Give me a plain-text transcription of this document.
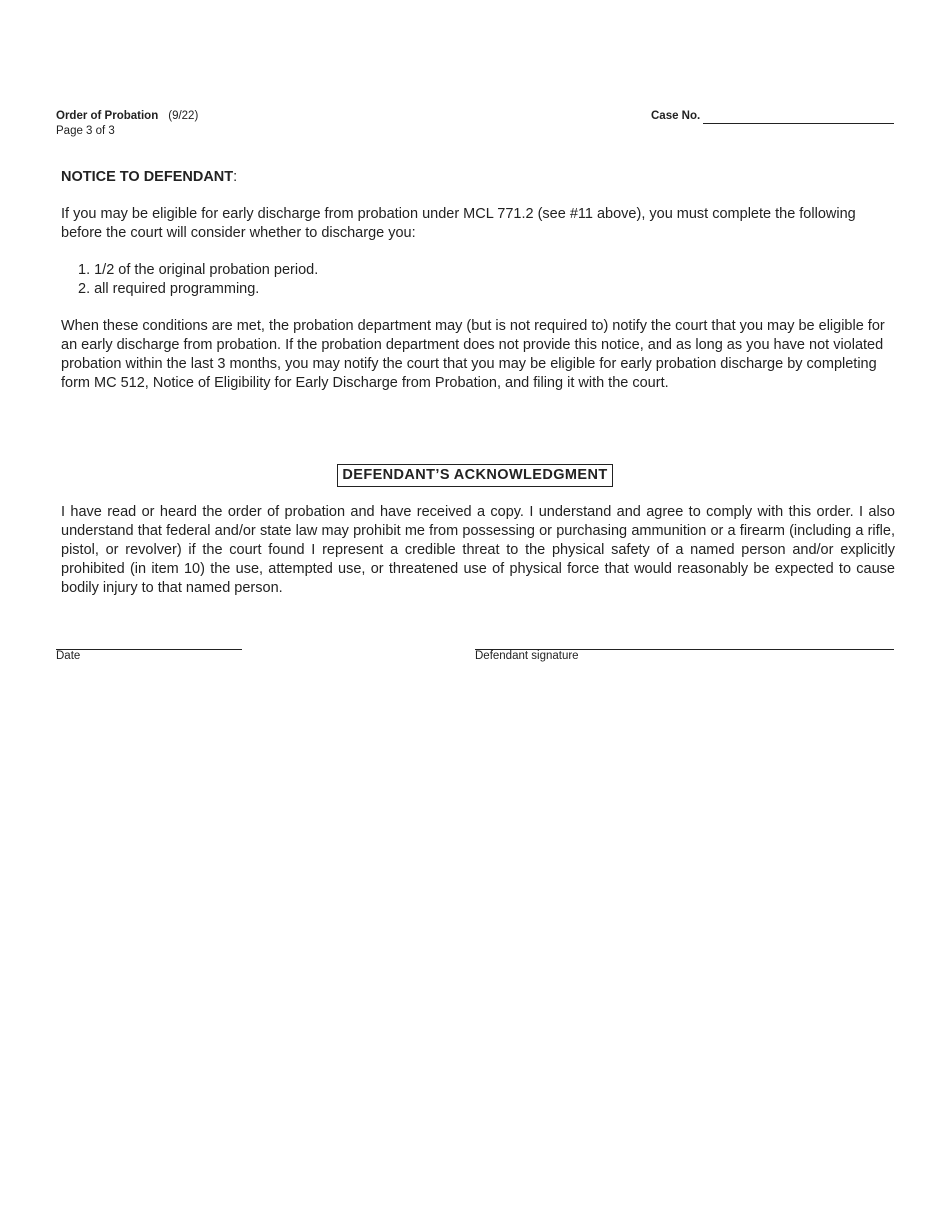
Order of Probation (9/22)
Page 3 of 3
Case No.

NOTICE TO DEFENDANT:

If you may be eligible for early discharge from probation under MCL 771.2 (see #11 above), you must complete the following before the court will consider whether to discharge you:

1. 1/2 of the original probation period.
2. all required programming.

When these conditions are met, the probation department may (but is not required to) notify the court that you may be eligible for an early discharge from probation. If the probation department does not provide this notice, and as long as you have not violated probation within the last 3 months, you may notify the court that you may be eligible for early probation discharge by completing form MC 512, Notice of Eligibility for Early Discharge from Probation, and filing it with the court.

DEFENDANT’S ACKNOWLEDGMENT

I have read or heard the order of probation and have received a copy. I understand and agree to comply with this order. I also understand that federal and/or state law may prohibit me from possessing or purchasing ammunition or a firearm (including a rifle, pistol, or revolver) if the court found I represent a credible threat to the physical safety of a named person and/or explicitly prohibited (in item 10) the use, attempted use, or threatened use of physical force that would reasonably be expected to cause bodily injury to that named person.

Date	Defendant signature
